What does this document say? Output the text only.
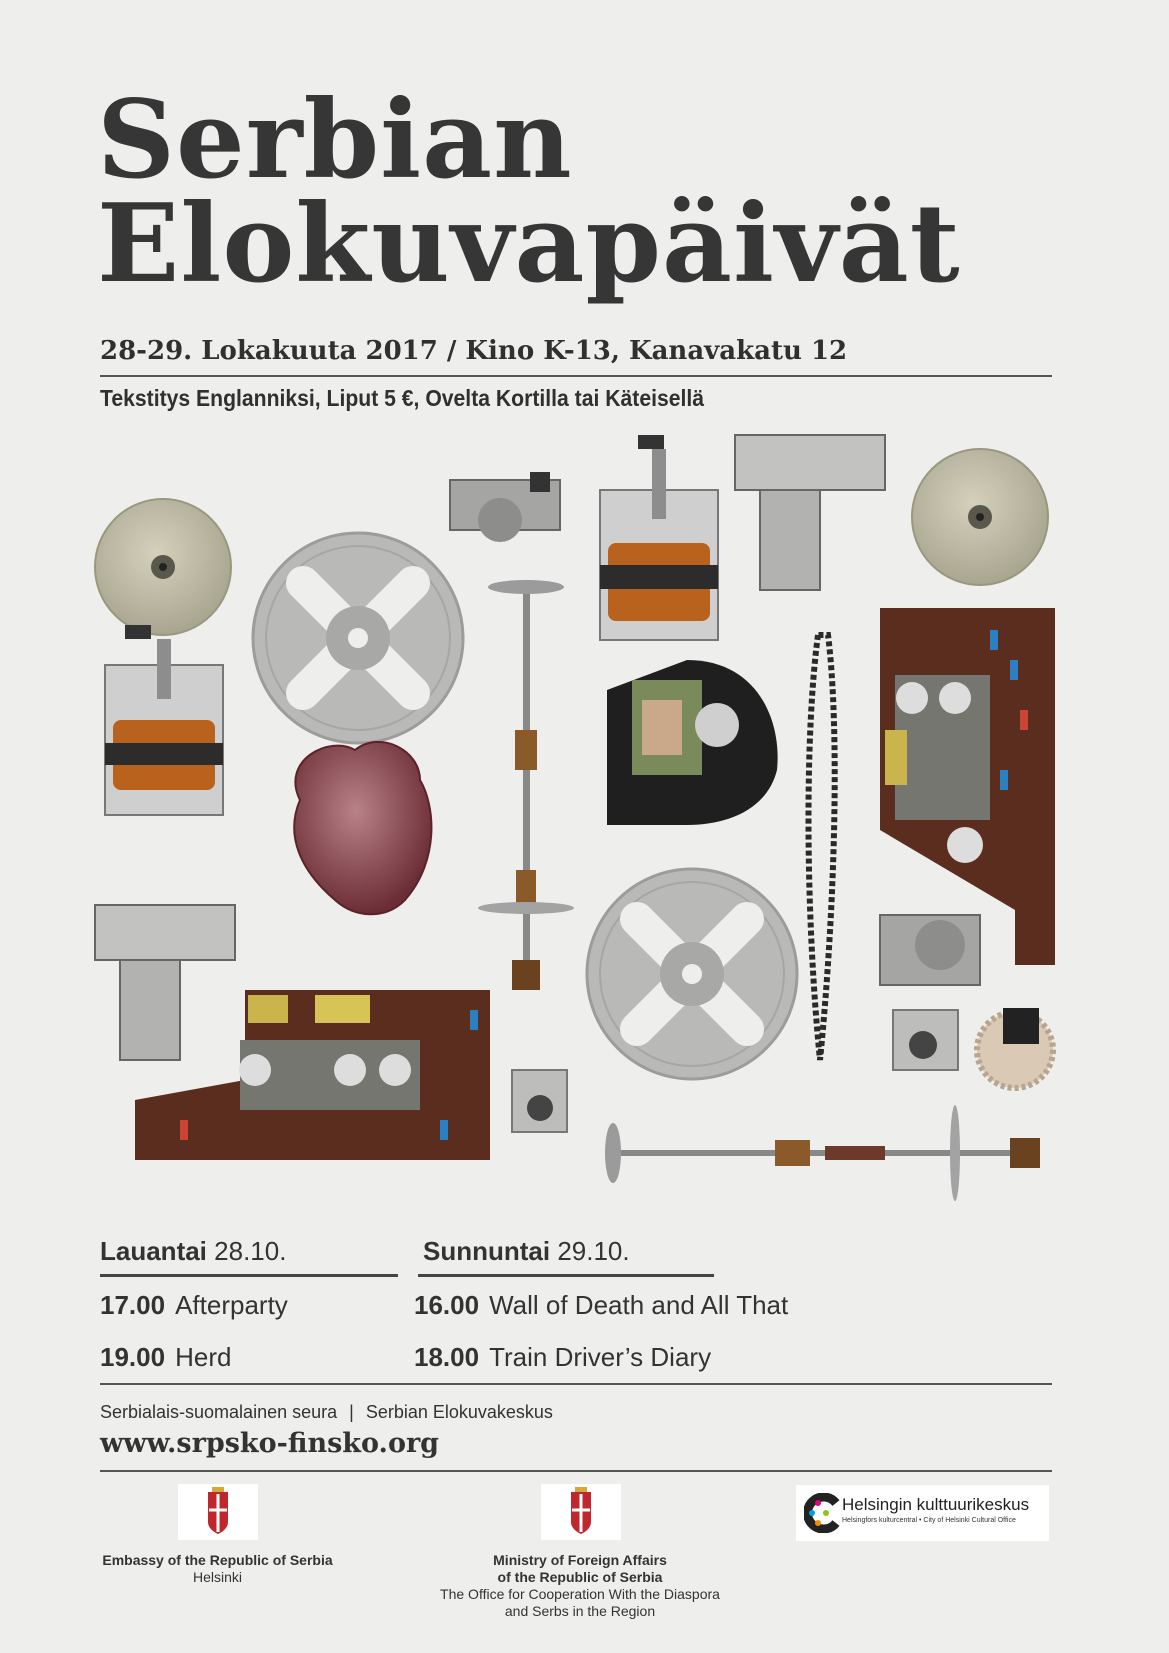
Serbian
Elokuvapäivät
28-29. Lokakuuta 2017 / Kino K-13, Kanavakatu 12
Tekstitys Englanniksi, Liput 5 €, Ovelta Kortilla tai Käteisellä
Lauantai 28.10.	Sunnuntai 29.10.
17.00 Afterparty
19.00 Herd
16.00 Wall of Death and All That
18.00 Train Driver’s Diary
Serbialais-suomalainen seura | Serbian Elokuvakeskus
www.srpsko-finsko.org
Embassy of the Republic of Serbia
Helsinki
Ministry of Foreign Affairs
of the Republic of Serbia
The Office for Cooperation With the Diaspora
and Serbs in the Region
Helsingin kulttuurikeskus
Helsingfors kulturcentral • City of Helsinki Cultural Office
